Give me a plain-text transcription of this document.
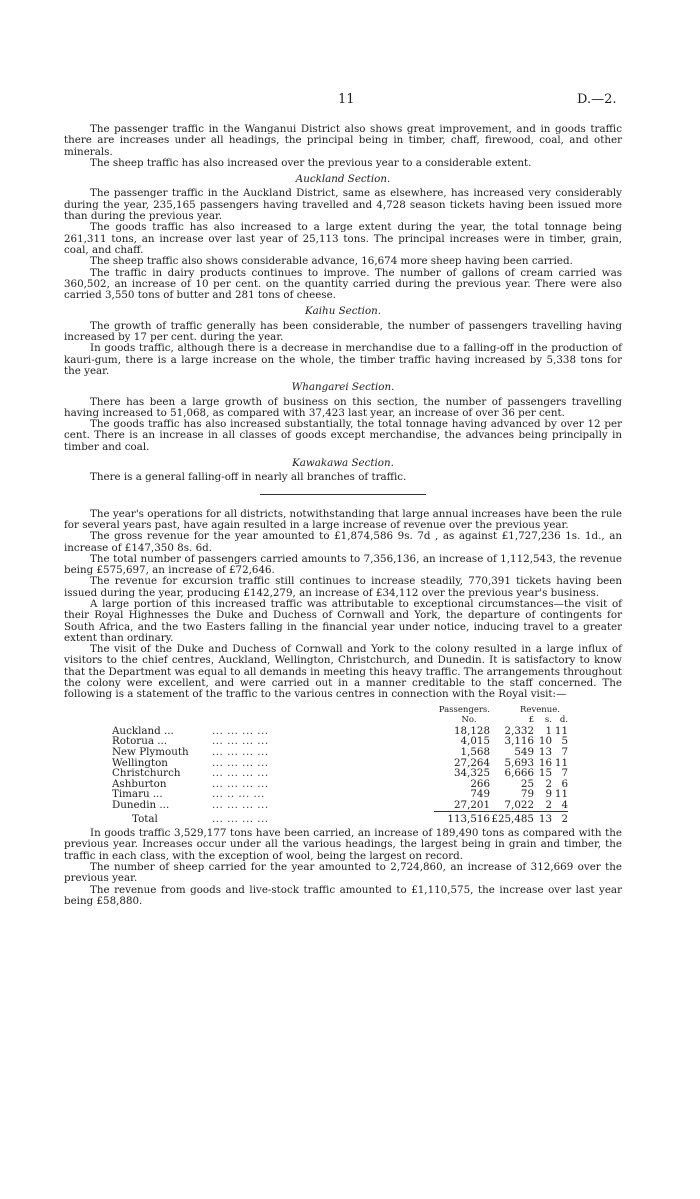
11	D.—2.

The passenger traffic in the Wanganui District also shows great improvement, and in goods traffic there are increases under all headings, the principal being in timber, chaff, firewood, coal, and other minerals.

The sheep traffic has also increased over the previous year to a considerable extent.

Auckland Section.

The passenger traffic in the Auckland District, same as elsewhere, has increased very considerably during the year, 235,165 passengers having travelled and 4,728 season tickets having been issued more than during the previous year.

The goods traffic has also increased to a large extent during the year, the total tonnage being 261,311 tons, an increase over last year of 25,113 tons. The principal increases were in timber, grain, coal, and chaff.

The sheep traffic also shows considerable advance, 16,674 more sheep having been carried.

The traffic in dairy products continues to improve. The number of gallons of cream carried was 360,502, an increase of 10 per cent. on the quantity carried during the previous year. There were also carried 3,550 tons of butter and 281 tons of cheese.

Kaihu Section.

The growth of traffic generally has been considerable, the number of passengers travelling having increased by 17 per cent. during the year.

In goods traffic, although there is a decrease in merchandise due to a falling-off in the production of kauri-gum, there is a large increase on the whole, the timber traffic having increased by 5,338 tons for the year.

Whangarei Section.

There has been a large growth of business on this section, the number of passengers travelling having increased to 51,068, as compared with 37,423 last year, an increase of over 36 per cent.

The goods traffic has also increased substantially, the total tonnage having advanced by over 12 per cent. There is an increase in all classes of goods except merchandise, the advances being principally in timber and coal.

Kawakawa Section.

There is a general falling-off in nearly all branches of traffic.

The year's operations for all districts, notwithstanding that large annual increases have been the rule for several years past, have again resulted in a large increase of revenue over the previous year.

The gross revenue for the year amounted to £1,874,586 9s. 7d , as against £1,727,236 1s. 1d., an increase of £147,350 8s. 6d.

The total number of passengers carried amounts to 7,356,136, an increase of 1,112,543, the revenue being £575,697, an increase of £72,646.

The revenue for excursion traffic still continues to increase steadily, 770,391 tickets having been issued during the year, producing £142,279, an increase of £34,112 over the previous year's business.

A large portion of this increased traffic was attributable to exceptional circumstances—the visit of their Royal Highnesses the Duke and Duchess of Cornwall and York, the departure of contingents for South Africa, and the two Easters falling in the financial year under notice, inducing travel to a greater extent than ordinary.

The visit of the Duke and Duchess of Cornwall and York to the colony resulted in a large influx of visitors to the chief centres, Auckland, Wellington, Christchurch, and Dunedin. It is satisfactory to know that the Department was equal to all demands in meeting this heavy traffic. The arrangements throughout the colony were excellent, and were carried out in a manner creditable to the staff concerned. The following is a statement of the traffic to the various centres in connection with the Royal visit:—

		Passengers.	Revenue.		
		No.	£	s.	d.
Auckland ...	... ... ... ...	18,128	2,332	1	11
Rotorua ...	... ... ... ...	4,015	3,116	10	5
New Plymouth	... ... ... ...	1,568	549	13	7
Wellington	... ... ... ...	27,264	5,693	16	11
Christchurch	... ... ... ...	34,325	6,666	15	7
Ashburton	... ... ... ...	266	25	2	6
Timaru ...	... .. ... ...	749	79	9	11
Dunedin ...	... ... ... ...	27,201	7,022	2	4

Total	... ... ... ...	113,516	£25,485	13	2

In goods traffic 3,529,177 tons have been carried, an increase of 189,490 tons as compared with the previous year. Increases occur under all the various headings, the largest being in grain and timber, the traffic in each class, with the exception of wool, being the largest on record.

The number of sheep carried for the year amounted to 2,724,860, an increase of 312,669 over the previous year.

The revenue from goods and live-stock traffic amounted to £1,110,575, the increase over last year being £58,880.
